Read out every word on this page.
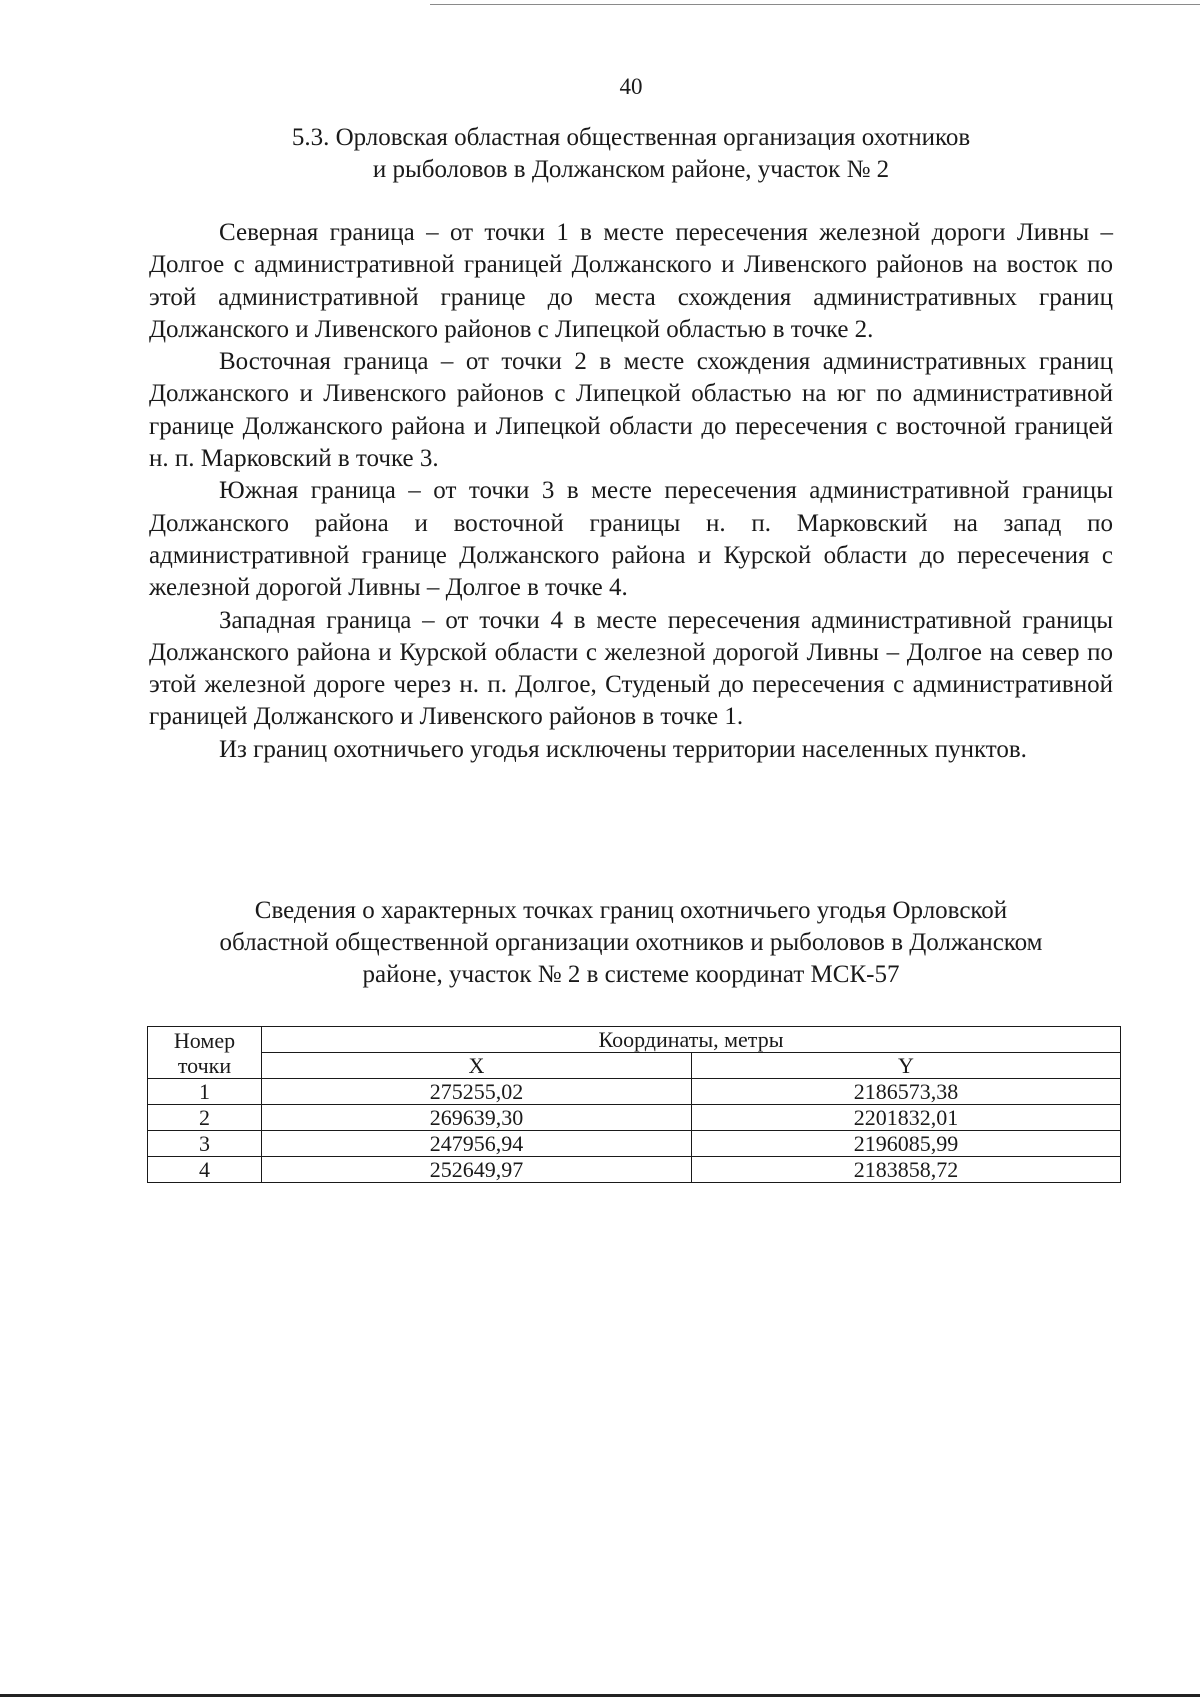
40
5.3. Орловская областная общественная организация охотников
и рыболовов в Должанском районе, участок № 2

Северная граница – от точки 1 в месте пересечения железной дороги Ливны – Долгое с административной границей Должанского и Ливенского районов на восток по этой административной границе до места схождения административных границ Должанского и Ливенского районов с Липецкой областью в точке 2.

Восточная граница – от точки 2 в месте схождения административных границ Должанского и Ливенского районов с Липецкой областью на юг по административной границе Должанского района и Липецкой области до пересечения с восточной границей н. п. Марковский в точке 3.

Южная граница – от точки 3 в месте пересечения административной границы Должанского района и восточной границы н. п. Марковский на запад по административной границе Должанского района и Курской области до пересечения с железной дорогой Ливны – Долгое в точке 4.

Западная граница – от точки 4 в месте пересечения административной границы Должанского района и Курской области с железной дорогой Ливны – Долгое на север по этой железной дороге через н. п. Долгое, Студеный до пересечения с административной границей Должанского и Ливенского районов в точке 1.

Из границ охотничьего угодья исключены территории населенных пунктов.

Сведения о характерных точках границ охотничьего угодья Орловской
областной общественной организации охотников и рыболовов в Должанском
районе, участок № 2 в системе координат МСК-57
Номер
точки	Координаты, метры	
	X	Y
1	275255,02	2186573,38
2	269639,30	2201832,01
3	247956,94	2196085,99
4	252649,97	2183858,72
